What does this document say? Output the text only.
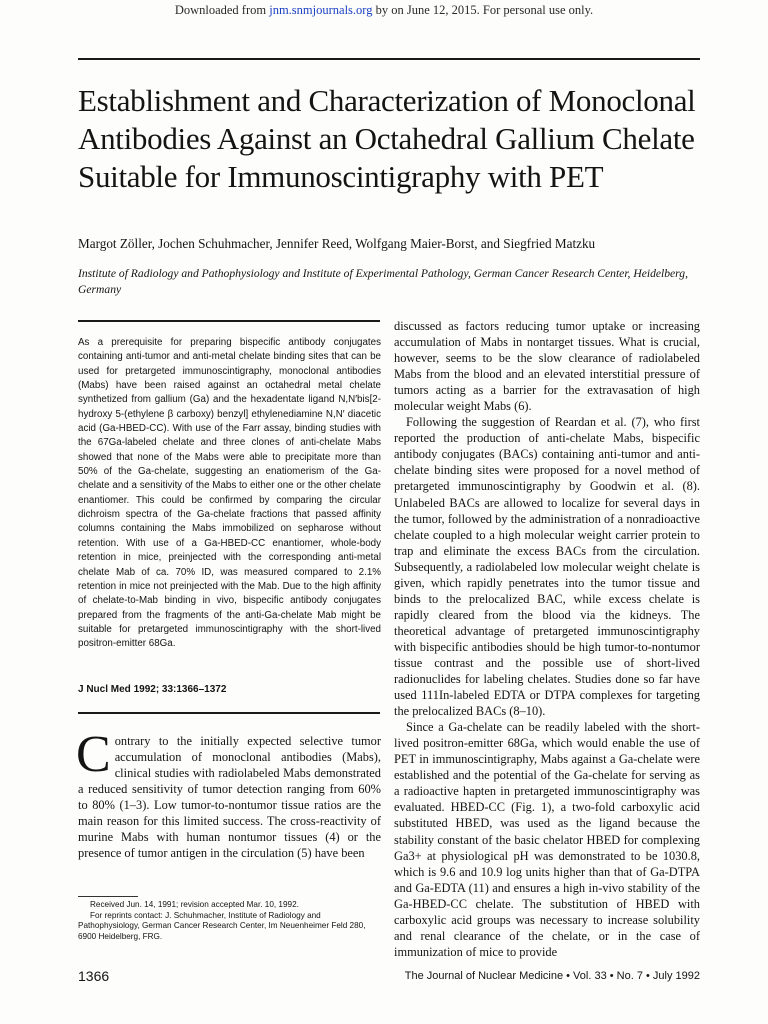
Downloaded from jnm.snmjournals.org by on June 12, 2015. For personal use only.
Establishment and Characterization of Monoclonal Antibodies Against an Octahedral Gallium Chelate Suitable for Immunoscintigraphy with PET
Margot Zöller, Jochen Schuhmacher, Jennifer Reed, Wolfgang Maier-Borst, and Siegfried Matzku
Institute of Radiology and Pathophysiology and Institute of Experimental Pathology, German Cancer Research Center, Heidelberg, Germany

As a prerequisite for preparing bispecific antibody conjugates containing anti-tumor and anti-metal chelate binding sites that can be used for pretargeted immunoscintigraphy, monoclonal antibodies (Mabs) have been raised against an octahedral metal chelate synthetized from gallium (Ga) and the hexadentate ligand N,N′bis[2-hydroxy 5-(ethylene β carboxy) benzyl] ethylenediamine N,N′ diacetic acid (Ga-HBED-CC). With use of the Farr assay, binding studies with the 67Ga-labeled chelate and three clones of anti-chelate Mabs showed that none of the Mabs were able to precipitate more than 50% of the Ga-chelate, suggesting an enatiomerism of the Ga-chelate and a sensitivity of the Mabs to either one or the other chelate enantiomer. This could be confirmed by comparing the circular dichroism spectra of the Ga-chelate fractions that passed affinity columns containing the Mabs immobilized on sepharose without retention. With use of a Ga-HBED-CC enantiomer, whole-body retention in mice, preinjected with the corresponding anti-metal chelate Mab of ca. 70% ID, was measured compared to 2.1% retention in mice not preinjected with the Mab. Due to the high affinity of chelate-to-Mab binding in vivo, bispecific antibody conjugates prepared from the fragments of the anti-Ga-chelate Mab might be suitable for pretargeted immunoscintigraphy with the short-lived positron-emitter 68Ga.

J Nucl Med 1992; 33:1366–1372

Contrary to the initially expected selective tumor accumulation of monoclonal antibodies (Mabs), clinical studies with radiolabeled Mabs demonstrated a reduced sensitivity of tumor detection ranging from 60% to 80% (1–3). Low tumor-to-nontumor tissue ratios are the main reason for this limited success. The cross-reactivity of murine Mabs with human nontumor tissues (4) or the presence of tumor antigen in the circulation (5) have been

Received Jun. 14, 1991; revision accepted Mar. 10, 1992.

For reprints contact: J. Schuhmacher, Institute of Radiology and Pathophysiology, German Cancer Research Center, Im Neuenheimer Feld 280, 6900 Heidelberg, FRG.

discussed as factors reducing tumor uptake or increasing accumulation of Mabs in nontarget tissues. What is crucial, however, seems to be the slow clearance of radiolabeled Mabs from the blood and an elevated interstitial pressure of tumors acting as a barrier for the extravasation of high molecular weight Mabs (6).

Following the suggestion of Reardan et al. (7), who first reported the production of anti-chelate Mabs, bispecific antibody conjugates (BACs) containing anti-tumor and anti-chelate binding sites were proposed for a novel method of pretargeted immunoscintigraphy by Goodwin et al. (8). Unlabeled BACs are allowed to localize for several days in the tumor, followed by the administration of a nonradioactive chelate coupled to a high molecular weight carrier protein to trap and eliminate the excess BACs from the circulation. Subsequently, a radiolabeled low molecular weight chelate is given, which rapidly penetrates into the tumor tissue and binds to the prelocalized BAC, while excess chelate is rapidly cleared from the blood via the kidneys. The theoretical advantage of pretargeted immunoscintigraphy with bispecific antibodies should be high tumor-to-nontumor tissue contrast and the possible use of short-lived radionuclides for labeling chelates. Studies done so far have used 111In-labeled EDTA or DTPA complexes for targeting the prelocalized BACs (8–10).

Since a Ga-chelate can be readily labeled with the short-lived positron-emitter 68Ga, which would enable the use of PET in immunoscintigraphy, Mabs against a Ga-chelate were established and the potential of the Ga-chelate for serving as a radioactive hapten in pretargeted immunoscintigraphy was evaluated. HBED-CC (Fig. 1), a two-fold carboxylic acid substituted HBED, was used as the ligand because the stability constant of the basic chelator HBED for complexing Ga3+ at physiological pH was demonstrated to be 1030.8, which is 9.6 and 10.9 log units higher than that of Ga-DTPA and Ga-EDTA (11) and ensures a high in-vivo stability of the Ga-HBED-CC chelate. The substitution of HBED with carboxylic acid groups was necessary to increase solubility and renal clearance of the chelate, or in the case of immunization of mice to provide

1366	The Journal of Nuclear Medicine • Vol. 33 • No. 7 • July 1992
